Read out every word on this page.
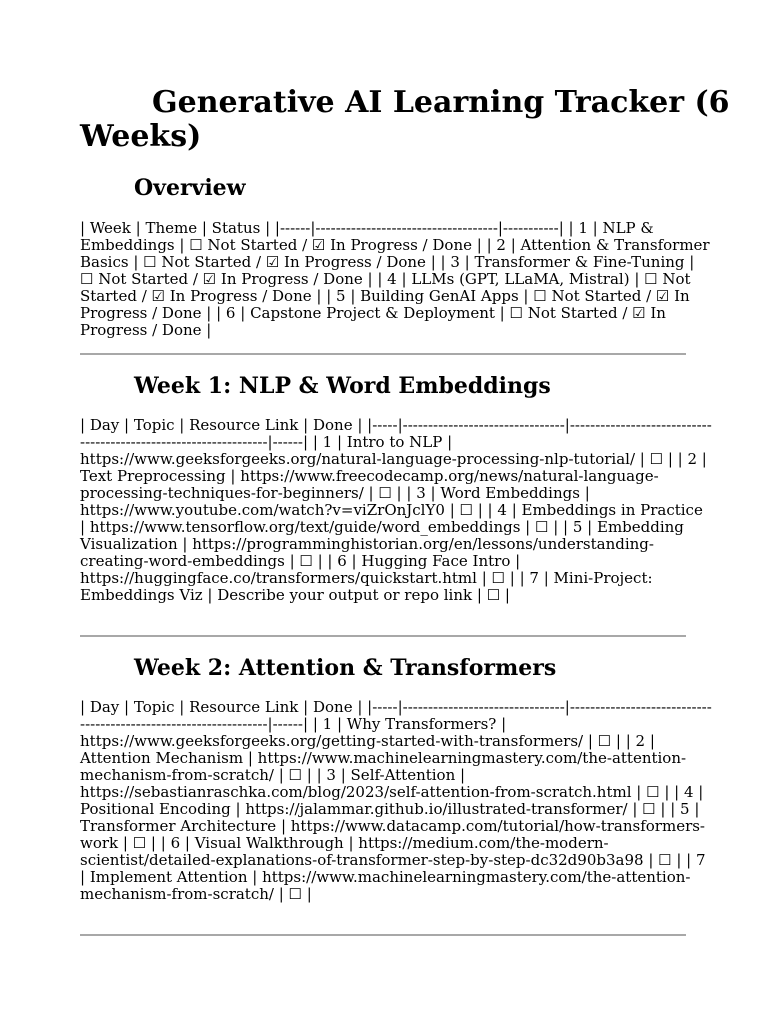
Generative AI Learning Tracker (6 Weeks)
Overview

| Week | Theme | Status | |------|------------------------------------|-----------| | 1 | NLP & Embeddings | ☐ Not Started / ☑ In Progress / Done | | 2 | Attention & Transformer Basics | ☐ Not Started / ☑ In Progress / Done | | 3 | Transformer & Fine-Tuning | ☐ Not Started / ☑ In Progress / Done | | 4 | LLMs (GPT, LLaMA, Mistral) | ☐ Not Started / ☑ In Progress / Done | | 5 | Building GenAI Apps | ☐ Not Started / ☑ In Progress / Done | | 6 | Capstone Project & Deployment | ☐ Not Started / ☑ In Progress / Done |

Week 1: NLP & Word Embeddings

| Day | Topic | Resource Link | Done | |-----|--------------------------------|-----------------------------------------------------------------|------| | 1 | Intro to NLP | https://www.geeksforgeeks.org/natural-language-processing-nlp-tutorial/ | ☐ | | 2 | Text Preprocessing | https://www.freecodecamp.org/news/natural-language-processing-techniques-for-beginners/ | ☐ | | 3 | Word Embeddings | https://www.youtube.com/watch?v=viZrOnJclY0 | ☐ | | 4 | Embeddings in Practice | https://www.tensorflow.org/text/guide/word_embeddings | ☐ | | 5 | Embedding Visualization | https://programminghistorian.org/en/lessons/understanding-creating-word-embeddings | ☐ | | 6 | Hugging Face Intro | https://huggingface.co/transformers/quickstart.html | ☐ | | 7 | Mini-Project: Embeddings Viz | Describe your output or repo link | ☐ |

Week 2: Attention & Transformers

| Day | Topic | Resource Link | Done | |-----|--------------------------------|-----------------------------------------------------------------|------| | 1 | Why Transformers? | https://www.geeksforgeeks.org/getting-started-with-transformers/ | ☐ | | 2 | Attention Mechanism | https://www.machinelearningmastery.com/the-attention-mechanism-from-scratch/ | ☐ | | 3 | Self-Attention | https://sebastianraschka.com/blog/2023/self-attention-from-scratch.html | ☐ | | 4 | Positional Encoding | https://jalammar.github.io/illustrated-transformer/ | ☐ | | 5 | Transformer Architecture | https://www.datacamp.com/tutorial/how-transformers-work | ☐ | | 6 | Visual Walkthrough | https://medium.com/the-modern-scientist/detailed-explanations-of-transformer-step-by-step-dc32d90b3a98 | ☐ | | 7 | Implement Attention | https://www.machinelearningmastery.com/the-attention-mechanism-from-scratch/ | ☐ |
